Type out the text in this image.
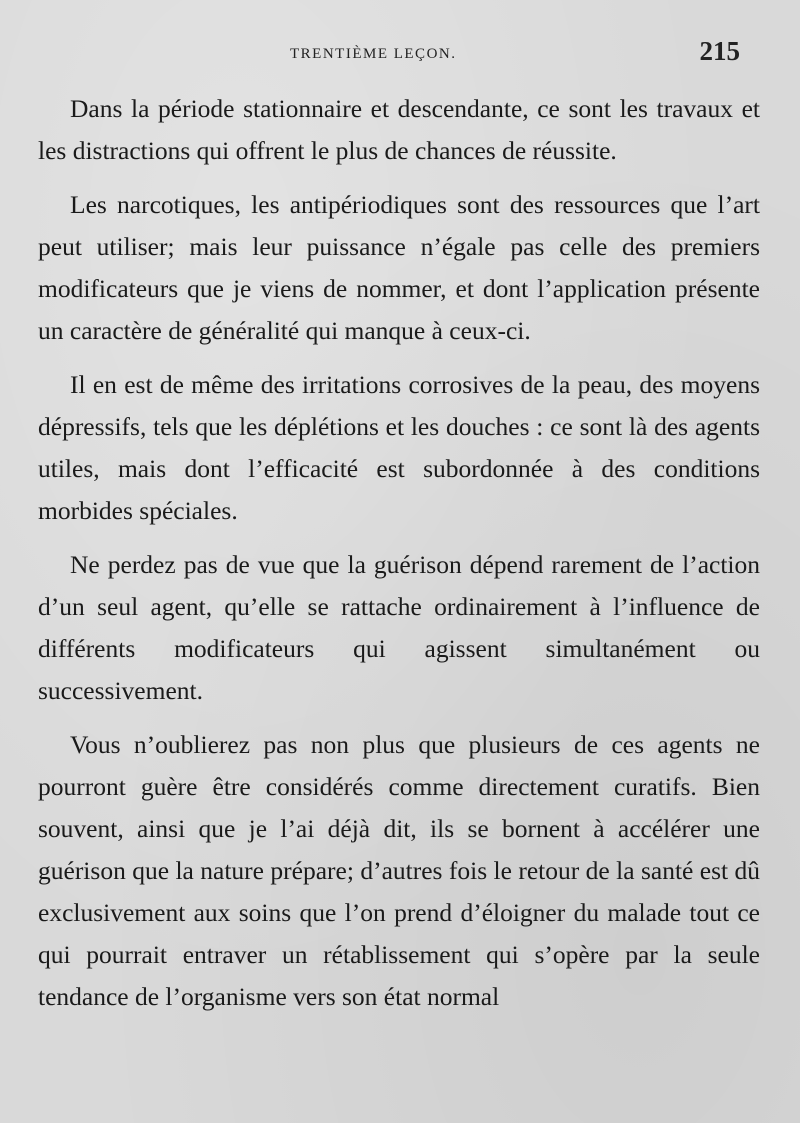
TRENTIÈME LEÇON.	215

Dans la période stationnaire et descendante, ce sont les travaux et les distractions qui offrent le plus de chances de réussite.

Les narcotiques, les antipériodiques sont des ressources que l’art peut utiliser; mais leur puissance n’égale pas celle des premiers modificateurs que je viens de nommer, et dont l’application présente un caractère de généralité qui manque à ceux-ci.

Il en est de même des irritations corrosives de la peau, des moyens dépressifs, tels que les déplétions et les douches : ce sont là des agents utiles, mais dont l’efficacité est subordonnée à des conditions morbides spéciales.

Ne perdez pas de vue que la guérison dépend rarement de l’action d’un seul agent, qu’elle se rattache ordinairement à l’influence de différents modificateurs qui agissent simultanément ou successivement.

Vous n’oublierez pas non plus que plusieurs de ces agents ne pourront guère être considérés comme directement curatifs. Bien souvent, ainsi que je l’ai déjà dit, ils se bornent à accélérer une guérison que la nature prépare; d’autres fois le retour de la santé est dû exclusivement aux soins que l’on prend d’éloigner du malade tout ce qui pourrait entraver un rétablissement qui s’opère par la seule tendance de l’organisme vers son état normal
